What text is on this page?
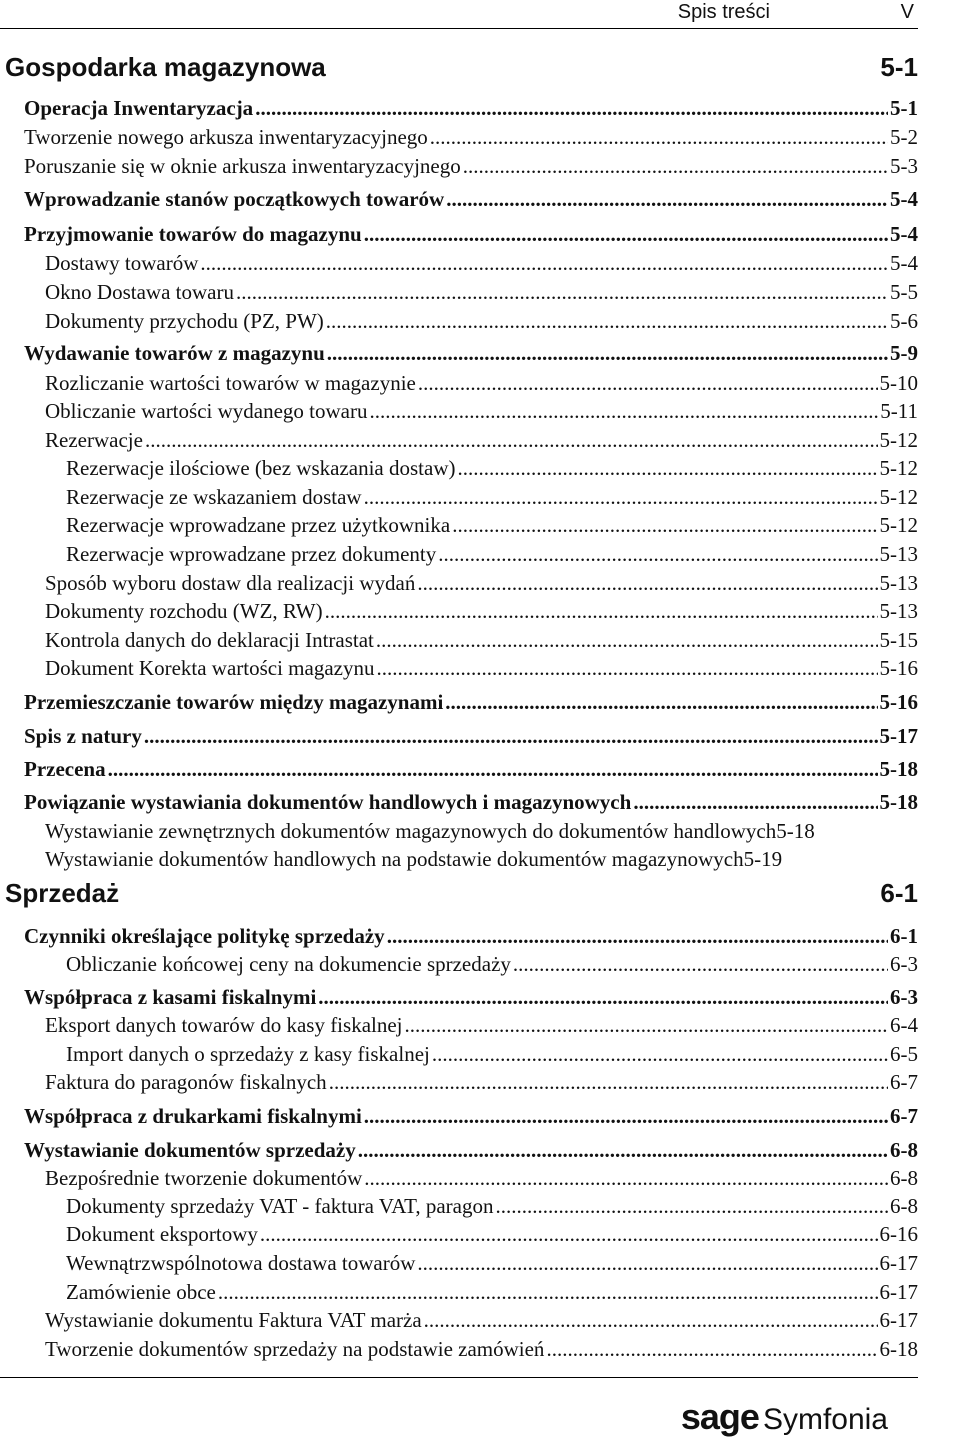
Spis treści	V
Gospodarka magazynowa	5-1
Operacja Inwentaryzacja .....	5-1
Tworzenie nowego arkusza inwentaryzacyjnego .....	5-2
Poruszanie się w oknie arkusza inwentaryzacyjnego .....	5-3
Wprowadzanie stanów początkowych towarów .....	5-4
Przyjmowanie towarów do magazynu .....	5-4
Dostawy towarów .....	5-4
Okno Dostawa towaru .....	5-5
Dokumenty przychodu (PZ, PW) .....	5-6
Wydawanie towarów z magazynu .....	5-9
Rozliczanie wartości towarów w magazynie .....	5-10
Obliczanie wartości wydanego towaru .....	5-11
Rezerwacje .....	5-12
Rezerwacje ilościowe (bez wskazania dostaw) .....	5-12
Rezerwacje ze wskazaniem dostaw .....	5-12
Rezerwacje wprowadzane przez użytkownika .....	5-12
Rezerwacje wprowadzane przez dokumenty .....	5-13
Sposób wyboru dostaw dla realizacji wydań .....	5-13
Dokumenty rozchodu (WZ, RW) .....	5-13
Kontrola danych do deklaracji Intrastat .....	5-15
Dokument Korekta wartości magazynu .....	5-16
Przemieszczanie towarów między magazynami .....	5-16
Spis z natury .....	5-17
Przecena .....	5-18
Powiązanie wystawiania dokumentów handlowych i magazynowych .....	5-18
Wystawianie zewnętrznych dokumentów magazynowych do dokumentów handlowych 5-18
Wystawianie dokumentów handlowych na podstawie dokumentów magazynowych 5-19
Sprzedaż	6-1
Czynniki określające politykę sprzedaży .....	6-1
Obliczanie końcowej ceny na dokumencie sprzedaży .....	6-3
Współpraca z kasami fiskalnymi .....	6-3
Eksport danych towarów do kasy fiskalnej .....	6-4
Import danych o sprzedaży z kasy fiskalnej .....	6-5
Faktura do paragonów fiskalnych .....	6-7
Współpraca z drukarkami fiskalnymi .....	6-7
Wystawianie dokumentów sprzedaży .....	6-8
Bezpośrednie tworzenie dokumentów .....	6-8
Dokumenty sprzedaży VAT - faktura VAT, paragon .....	6-8
Dokument eksportowy .....	6-16
Wewnątrzwspólnotowa dostawa towarów .....	6-17
Zamówienie obce .....	6-17
Wystawianie dokumentu Faktura VAT marża .....	6-17
Tworzenie dokumentów sprzedaży na podstawie zamówień .....	6-18
sage Symfonia
